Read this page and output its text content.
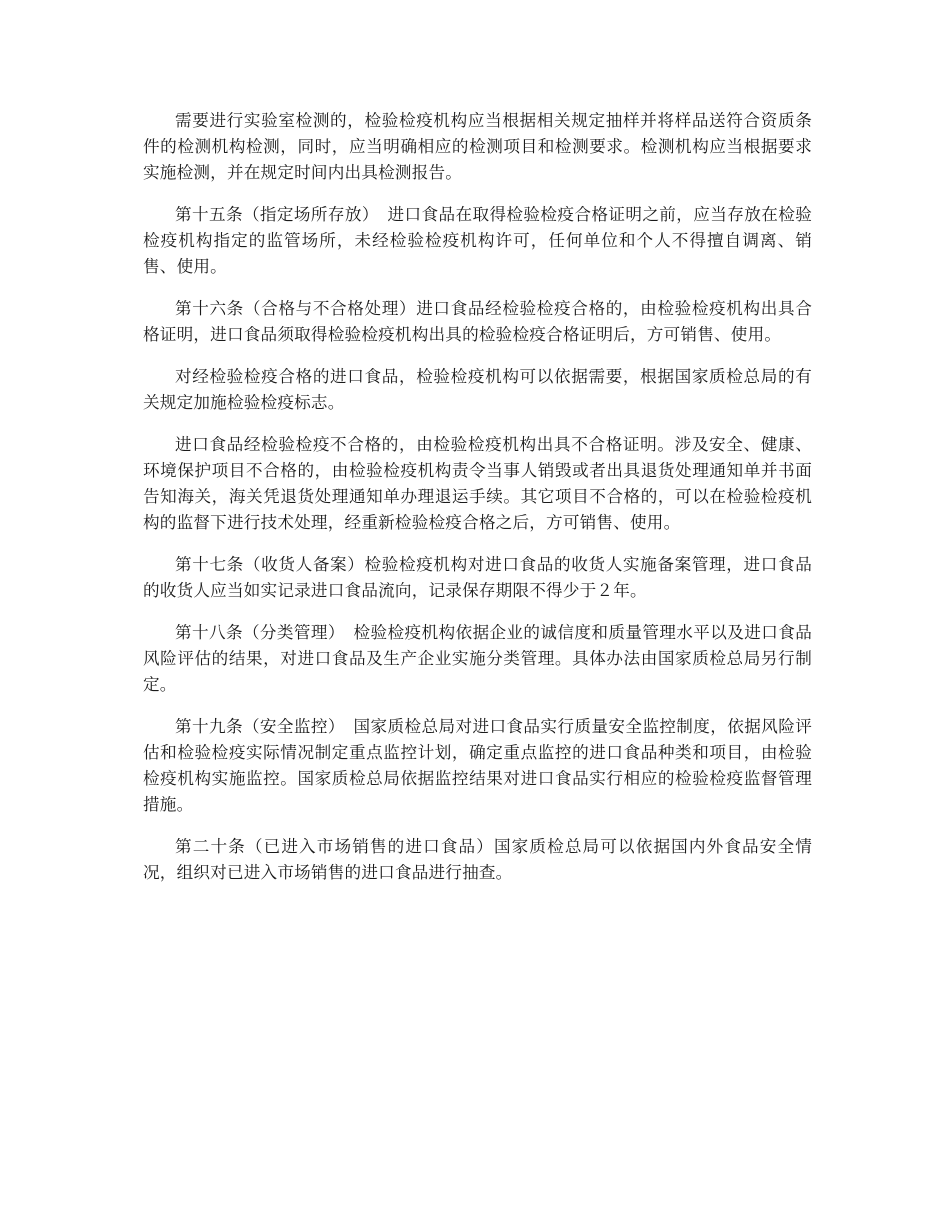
需要进行实验室检测的，检验检疫机构应当根据相关规定抽样并将样品送符合资质条件的检测机构检测，同时，应当明确相应的检测项目和检测要求。检测机构应当根据要求实施检测，并在规定时间内出具检测报告。

第十五条（指定场所存放）　进口食品在取得检验检疫合格证明之前，应当存放在检验检疫机构指定的监管场所，未经检验检疫机构许可，任何单位和个人不得擅自调离、销售、使用。

第十六条（合格与不合格处理）进口食品经检验检疫合格的，由检验检疫机构出具合格证明，进口食品须取得检验检疫机构出具的检验检疫合格证明后，方可销售、使用。

对经检验检疫合格的进口食品，检验检疫机构可以依据需要，根据国家质检总局的有关规定加施检验检疫标志。

进口食品经检验检疫不合格的，由检验检疫机构出具不合格证明。涉及安全、健康、环境保护项目不合格的，由检验检疫机构责令当事人销毁或者出具退货处理通知单并书面告知海关，海关凭退货处理通知单办理退运手续。其它项目不合格的，可以在检验检疫机构的监督下进行技术处理，经重新检验检疫合格之后，方可销售、使用。

第十七条（收货人备案）检验检疫机构对进口食品的收货人实施备案管理，进口食品的收货人应当如实记录进口食品流向，记录保存期限不得少于２年。

第十八条（分类管理）　检验检疫机构依据企业的诚信度和质量管理水平以及进口食品风险评估的结果，对进口食品及生产企业实施分类管理。具体办法由国家质检总局另行制定。

第十九条（安全监控）　国家质检总局对进口食品实行质量安全监控制度，依据风险评估和检验检疫实际情况制定重点监控计划，确定重点监控的进口食品种类和项目，由检验检疫机构实施监控。国家质检总局依据监控结果对进口食品实行相应的检验检疫监督管理措施。

第二十条（已进入市场销售的进口食品）国家质检总局可以依据国内外食品安全情况，组织对已进入市场销售的进口食品进行抽查。
